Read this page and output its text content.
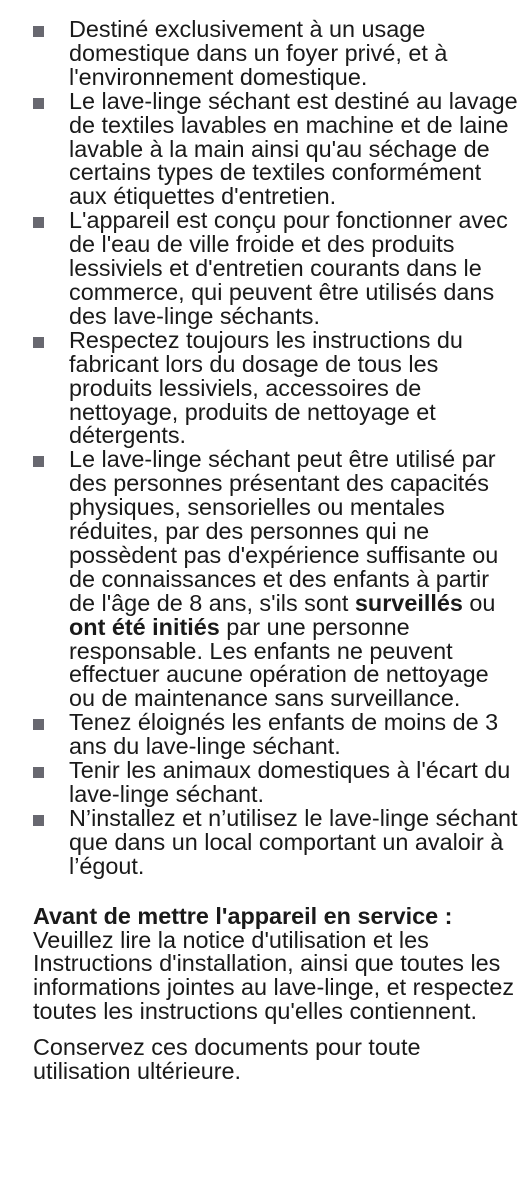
Destiné exclusivement à un usage domestique dans un foyer privé, et à l'environnement domestique.
Le lave-linge séchant est destiné au lavage de textiles lavables en machine et de laine lavable à la main ainsi qu'au séchage de certains types de textiles conformément aux étiquettes d'entretien.
L'appareil est conçu pour fonctionner avec de l'eau de ville froide et des produits lessiviels et d'entretien courants dans le commerce, qui peuvent être utilisés dans des lave-linge séchants.
Respectez toujours les instructions du fabricant lors du dosage de tous les produits lessiviels, accessoires de nettoyage, produits de nettoyage et détergents.
Le lave-linge séchant peut être utilisé par des personnes présentant des capacités physiques, sensorielles ou mentales réduites, par des personnes qui ne possèdent pas d'expérience suffisante ou de connaissances et des enfants à partir de l'âge de 8 ans, s'ils sont surveillés ou ont été initiés par une personne responsable. Les enfants ne peuvent effectuer aucune opération de nettoyage ou de maintenance sans surveillance.
Tenez éloignés les enfants de moins de 3 ans du lave-linge séchant.
Tenir les animaux domestiques à l'écart du lave-linge séchant.
N’installez et n’utilisez le lave-linge séchant que dans un local comportant un avaloir à l’égout.
Avant de mettre l'appareil en service :
Veuillez lire la notice d'utilisation et les Instructions d'installation, ainsi que toutes les informations jointes au lave-linge, et respectez toutes les instructions qu'elles contiennent.
Conservez ces documents pour toute utilisation ultérieure.
